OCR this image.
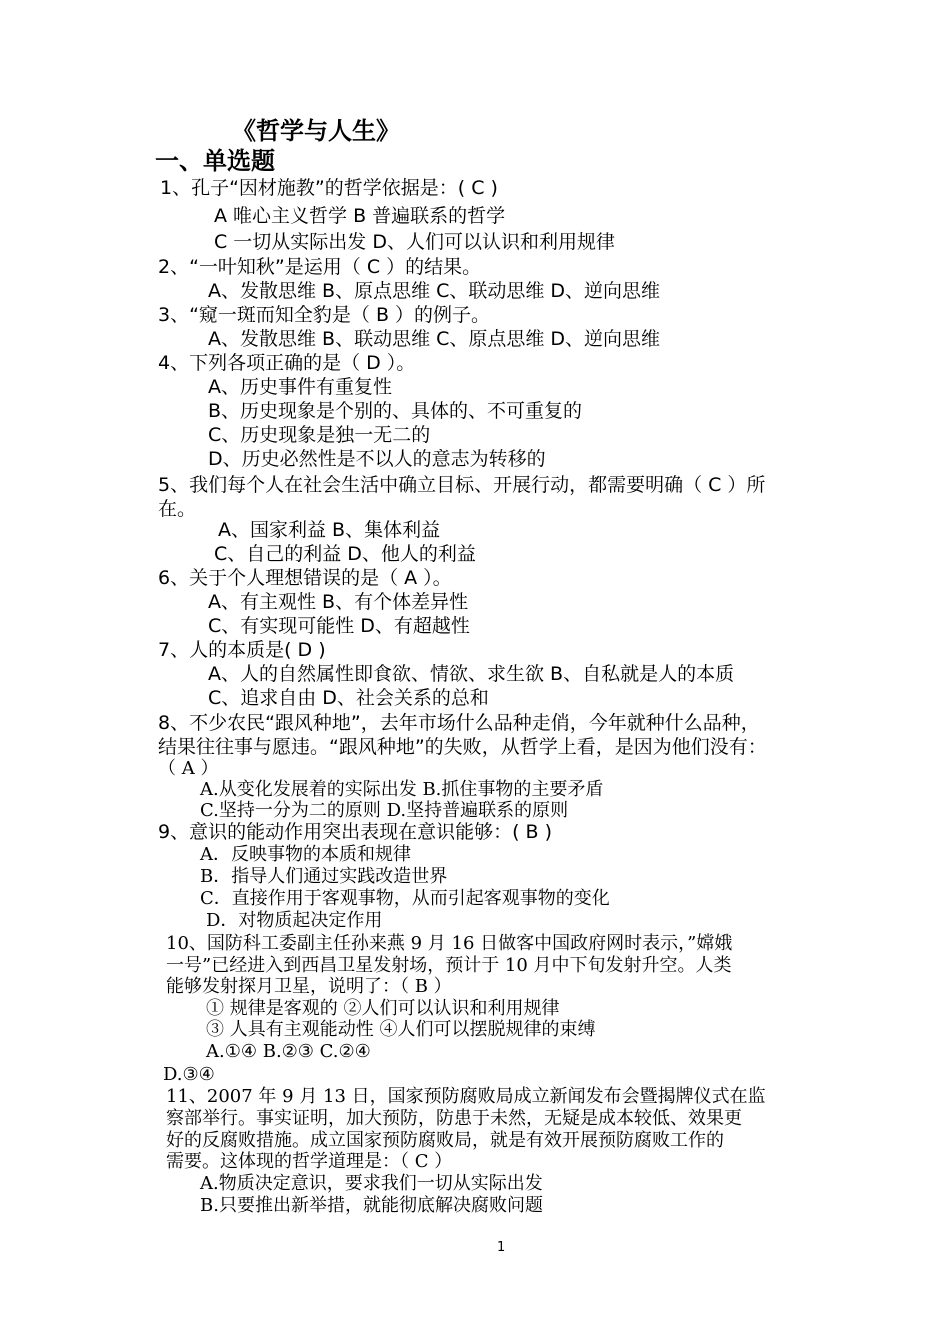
《哲学与人生》
一、单选题
1、孔子“因材施教”的哲学依据是：( C )
A 唯心主义哲学 B 普遍联系的哲学
C 一切从实际出发 D、人们可以认识和利用规律
2、“一叶知秋”是运用（ C ）的结果。
A、发散思维 B、原点思维 C、联动思维 D、逆向思维
3、“窥一斑而知全豹是（ B ）的例子。
A、发散思维 B、联动思维 C、原点思维 D、逆向思维
4、下列各项正确的是（ D ）。
A、历史事件有重复性
B、历史现象是个别的、具体的、不可重复的
C、历史现象是独一无二的
D、历史必然性是不以人的意志为转移的
5、我们每个人在社会生活中确立目标、开展行动，都需要明确（ C ）所
在。
A、国家利益 B、集体利益
C、自己的利益 D、他人的利益
6、关于个人理想错误的是（ A ）。
A、有主观性 B、有个体差异性
C、有实现可能性 D、有超越性
7、人的本质是( D )
A、人的自然属性即食欲、情欲、求生欲 B、自私就是人的本质
C、追求自由 D、社会关系的总和
8、不少农民“跟风种地”，去年市场什么品种走俏，今年就种什么品种，
结果往往事与愿违。“跟风种地”的失败，从哲学上看，是因为他们没有：
（ A ）
A.从变化发展着的实际出发 B.抓住事物的主要矛盾
C.坚持一分为二的原则 D.坚持普遍联系的原则
9、意识的能动作用突出表现在意识能够：( B )
A．反映事物的本质和规律
B．指导人们通过实践改造世界
C．直接作用于客观事物，从而引起客观事物的变化
D．对物质起决定作用
10、国防科工委副主任孙来燕 9 月 16 日做客中国政府网时表示，”嫦娥
一号”已经进入到西昌卫星发射场，预计于 10 月中下旬发射升空。人类
能够发射探月卫星，说明了：（ B ）
① 规律是客观的 ②人们可以认识和利用规律
③ 人具有主观能动性 ④人们可以摆脱规律的束缚
A.①④ B.②③ C.②④
D.③④
11、2007 年 9 月 13 日，国家预防腐败局成立新闻发布会暨揭牌仪式在监
察部举行。事实证明，加大预防，防患于未然，无疑是成本较低、效果更
好的反腐败措施。成立国家预防腐败局，就是有效开展预防腐败工作的
需要。这体现的哲学道理是：（ C ）
A.物质决定意识，要求我们一切从实际出发
B.只要推出新举措，就能彻底解决腐败问题
1
